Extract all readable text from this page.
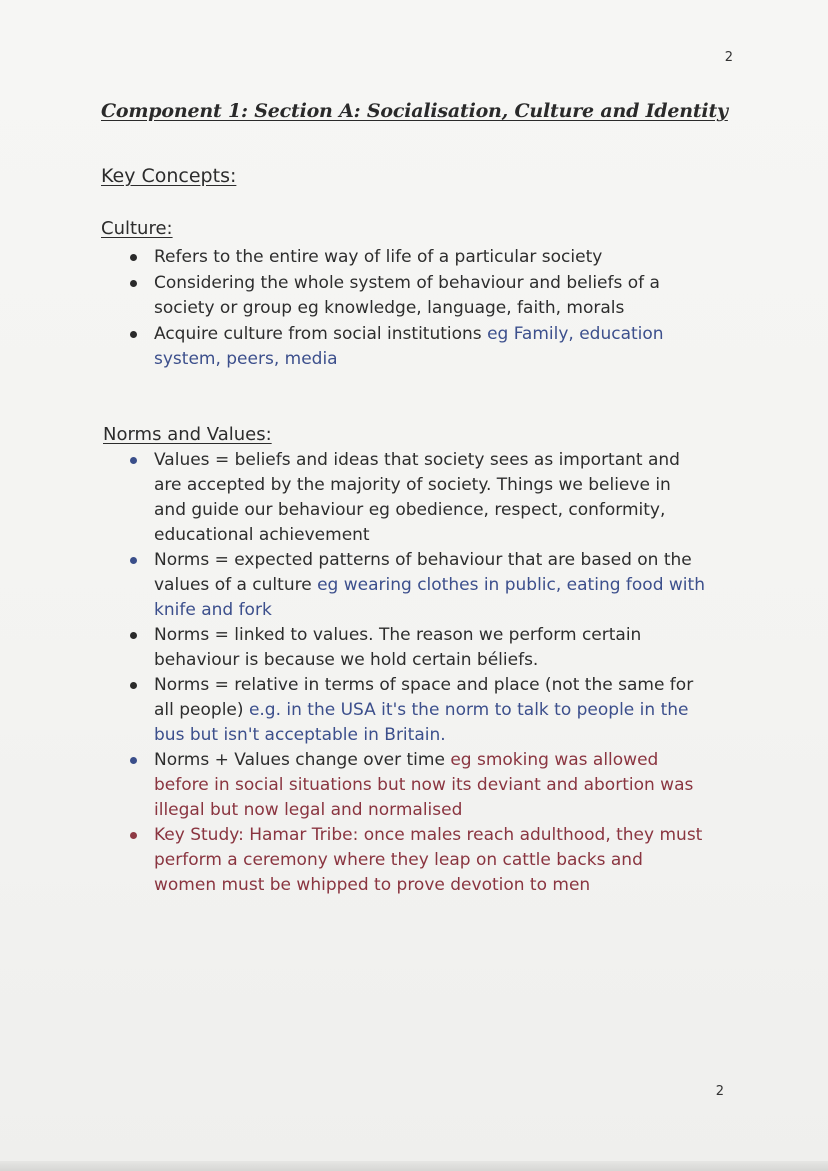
2
Component 1: Section A: Socialisation, Culture and Identity
Key Concepts:
Culture:
Refers to the entire way of life of a particular society
Considering the whole system of behaviour and beliefs of a society or group eg knowledge, language, faith, morals
Acquire culture from social institutions eg Family, education system, peers, media
Norms and Values:
Values = beliefs and ideas that society sees as important and are accepted by the majority of society. Things we believe in and guide our behaviour eg obedience, respect, conformity, educational achievement
Norms = expected patterns of behaviour that are based on the values of a culture eg wearing clothes in public, eating food with knife and fork
Norms = linked to values. The reason we perform certain behaviour is because we hold certain béliefs.
Norms = relative in terms of space and place (not the same for all people) e.g. in the USA it's the norm to talk to people in the bus but isn't acceptable in Britain.
Norms + Values change over time eg smoking was allowed before in social situations but now its deviant and abortion was illegal but now legal and normalised
Key Study: Hamar Tribe: once males reach adulthood, they must perform a ceremony where they leap on cattle backs and women must be whipped to prove devotion to men
2
